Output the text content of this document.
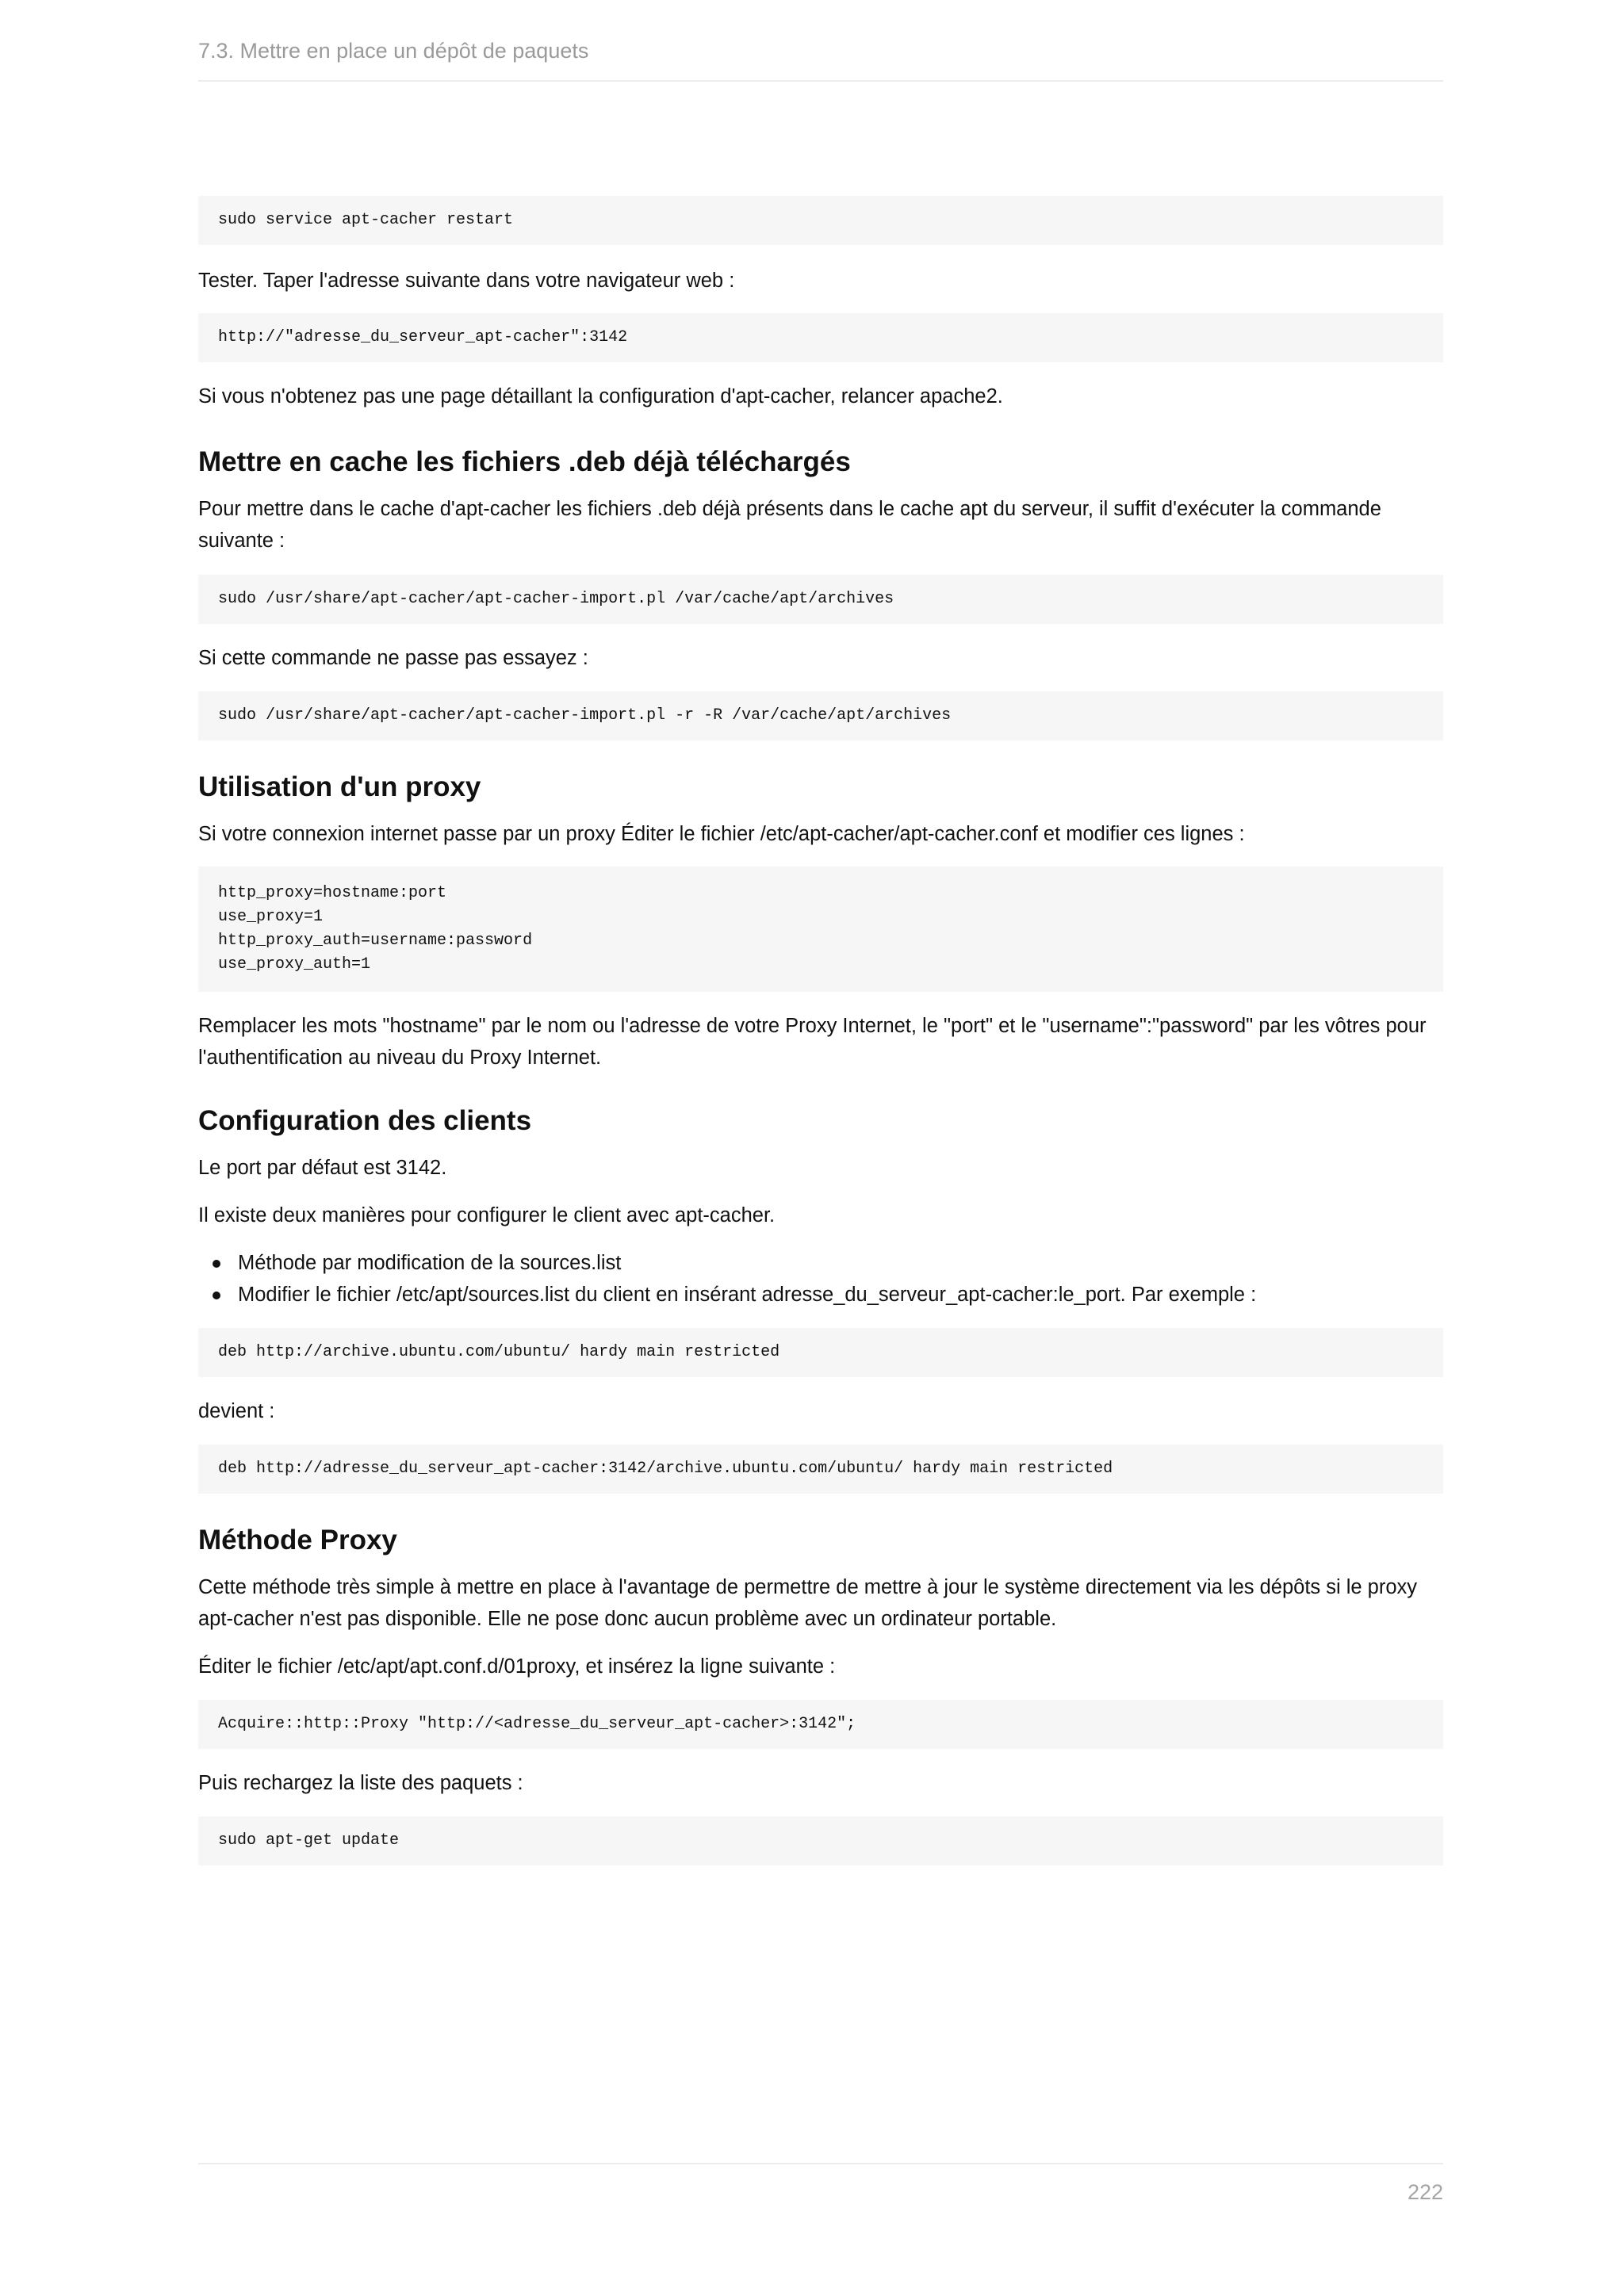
7.3. Mettre en place un dépôt de paquets
sudo service apt-cacher restart

Tester. Taper l'adresse suivante dans votre navigateur web :

http://"adresse_du_serveur_apt-cacher":3142

Si vous n'obtenez pas une page détaillant la configuration d'apt-cacher, relancer apache2.

Mettre en cache les fichiers .deb déjà téléchargés

Pour mettre dans le cache d'apt-cacher les fichiers .deb déjà présents dans le cache apt du serveur, il suffit d'exécuter la commande suivante :

sudo /usr/share/apt-cacher/apt-cacher-import.pl /var/cache/apt/archives

Si cette commande ne passe pas essayez :

sudo /usr/share/apt-cacher/apt-cacher-import.pl -r -R /var/cache/apt/archives
Utilisation d'un proxy

Si votre connexion internet passe par un proxy Éditer le fichier /etc/apt-cacher/apt-cacher.conf et modifier ces lignes :

http_proxy=hostname:port
use_proxy=1
http_proxy_auth=username:password
use_proxy_auth=1

Remplacer les mots "hostname" par le nom ou l'adresse de votre Proxy Internet, le "port" et le "username":"password" par les vôtres pour l'authentification au niveau du Proxy Internet.

Configuration des clients

Le port par défaut est 3142.

Il existe deux manières pour configurer le client avec apt-cacher.

Méthode par modification de la sources.list
Modifier le fichier /etc/apt/sources.list du client en insérant adresse_du_serveur_apt-cacher:le_port. Par exemple :
deb http://archive.ubuntu.com/ubuntu/ hardy main restricted

devient :

deb http://adresse_du_serveur_apt-cacher:3142/archive.ubuntu.com/ubuntu/ hardy main restricted
Méthode Proxy

Cette méthode très simple à mettre en place à l'avantage de permettre de mettre à jour le système directement via les dépôts si le proxy apt-cacher n'est pas disponible. Elle ne pose donc aucun problème avec un ordinateur portable.

Éditer le fichier /etc/apt/apt.conf.d/01proxy, et insérez la ligne suivante :

Acquire::http::Proxy "http://<adresse_du_serveur_apt-cacher>:3142";

Puis rechargez la liste des paquets :

sudo apt-get update
222
